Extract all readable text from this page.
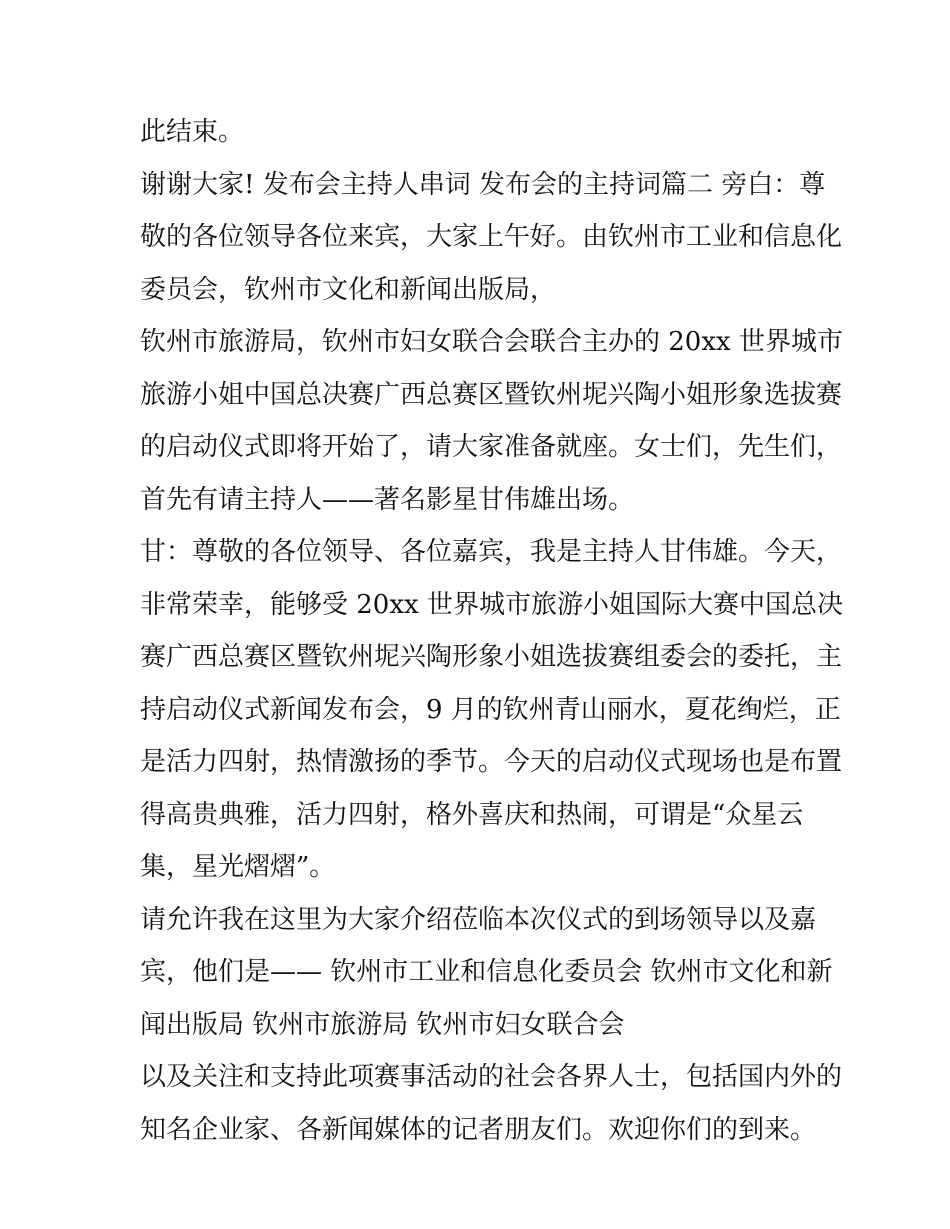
此结束。
谢谢大家! 发布会主持人串词 发布会的主持词篇二 旁白：尊
敬的各位领导各位来宾，大家上午好。由钦州市工业和信息化
委员会，钦州市文化和新闻出版局，
钦州市旅游局，钦州市妇女联合会联合主办的 20xx 世界城市
旅游小姐中国总决赛广西总赛区暨钦州坭兴陶小姐形象选拔赛
的启动仪式即将开始了，请大家准备就座。女士们，先生们，
首先有请主持人——著名影星甘伟雄出场。
甘：尊敬的各位领导、各位嘉宾，我是主持人甘伟雄。今天，
非常荣幸，能够受 20xx 世界城市旅游小姐国际大赛中国总决
赛广西总赛区暨钦州坭兴陶形象小姐选拔赛组委会的委托，主
持启动仪式新闻发布会，9 月的钦州青山丽水，夏花绚烂，正
是活力四射，热情激扬的季节。今天的启动仪式现场也是布置
得高贵典雅，活力四射，格外喜庆和热闹，可谓是“众星云
集，星光熠熠”。
请允许我在这里为大家介绍莅临本次仪式的到场领导以及嘉
宾，他们是—— 钦州市工业和信息化委员会 钦州市文化和新
闻出版局 钦州市旅游局 钦州市妇女联合会
以及关注和支持此项赛事活动的社会各界人士，包括国内外的
知名企业家、各新闻媒体的记者朋友们。欢迎你们的到来。
